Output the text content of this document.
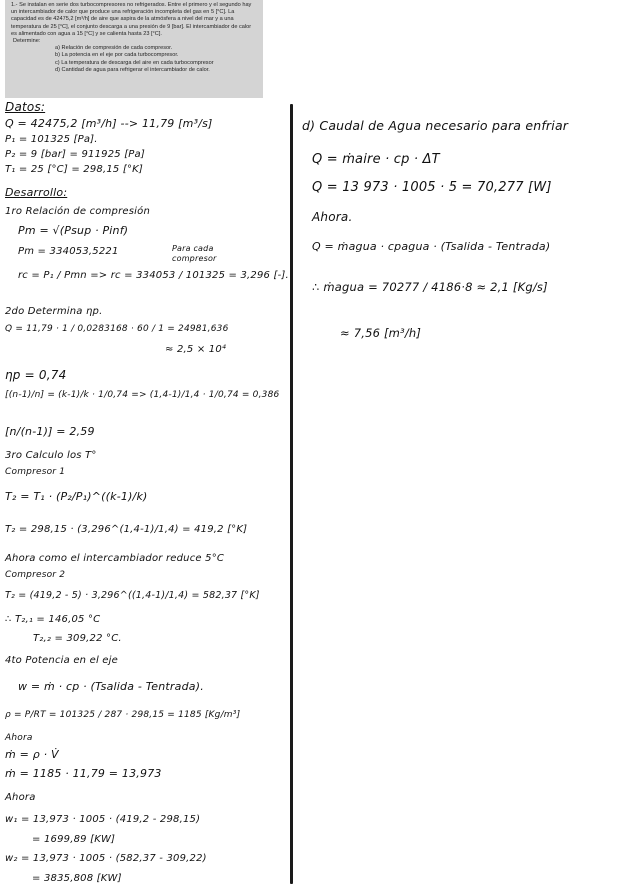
1.- Se instalan en serie dos turbocompresores no refrigerados. Entre el primero y el segundo hay un intercambiador de calor que produce una refrigeración incompleta del gas en 5 [°C]. La capacidad es de 42475,2 [m³/h] de aire que aspira de la atmósfera a nivel del mar y a una temperatura de 25 [°C], el conjunto descarga a una presión de 9 [bar]. El intercambiador de calor es alimentado con agua a 15 [°C] y se calienta hasta 23 [°C].

Determine:

a) Relación de compresión de cada compresor.
b) La potencia en el eje por cada turbocompresor.
c) La temperatura de descarga del aire en cada turbocompresor
d) Cantidad de agua para refrigerar el intercambiador de calor.
Datos:
Q = 42475,2 [m³/h] --> 11,79 [m³/s]
P₁ = 101325 [Pa].
P₂ = 9 [bar] = 911925 [Pa]
T₁ = 25 [°C] = 298,15 [°K]
Desarrollo:
1ro Relación de compresión
Pm = √(Psup · Pinf)
Pm = 334053,5221	Para cada compresor
rc = P₁ / Pmn => rc = 334053 / 101325 = 3,296 [-].
2do Determina ηp.
Q = 11,79 · 1 / 0,0283168 · 60 / 1 = 24981,636
≈ 2,5 × 10⁴
ηp = 0,74
[(n-1)/n] = (k-1)/k · 1/0,74 => (1,4-1)/1,4 · 1/0,74 = 0,386
[n/(n-1)] = 2,59
3ro Calculo los T°
Compresor 1
T₂ = T₁ · (P₂/P₁)^((k-1)/k)
T₂ = 298,15 · (3,296^(1,4-1)/1,4) = 419,2 [°K]
Ahora como el intercambiador reduce 5°C
Compresor 2
T₂ = (419,2 - 5) · 3,296^((1,4-1)/1,4) = 582,37 [°K]
∴ T₂,₁ = 146,05 °C
T₂,₂ = 309,22 °C.
4to Potencia en el eje
w = ṁ · cp · (Tsalida - Tentrada).
ρ = P/RT = 101325 / 287 · 298,15 = 1185 [Kg/m³]
Ahora
ṁ = ρ · V̇
ṁ = 1185 · 11,79 = 13,973
Ahora
w₁ = 13,973 · 1005 · (419,2 - 298,15)
= 1699,89 [KW]
w₂ = 13,973 · 1005 · (582,37 - 309,22)
= 3835,808 [KW]
d) Caudal de Agua necesario para enfriar
Q = ṁaire · cp · ΔT
Q = 13 973 · 1005 · 5 = 70,277 [W]
Ahora.
Q = ṁagua · cpagua · (Tsalida - Tentrada)
∴ ṁagua = 70277 / 4186·8 ≈ 2,1 [Kg/s]
≈ 7,56 [m³/h]
